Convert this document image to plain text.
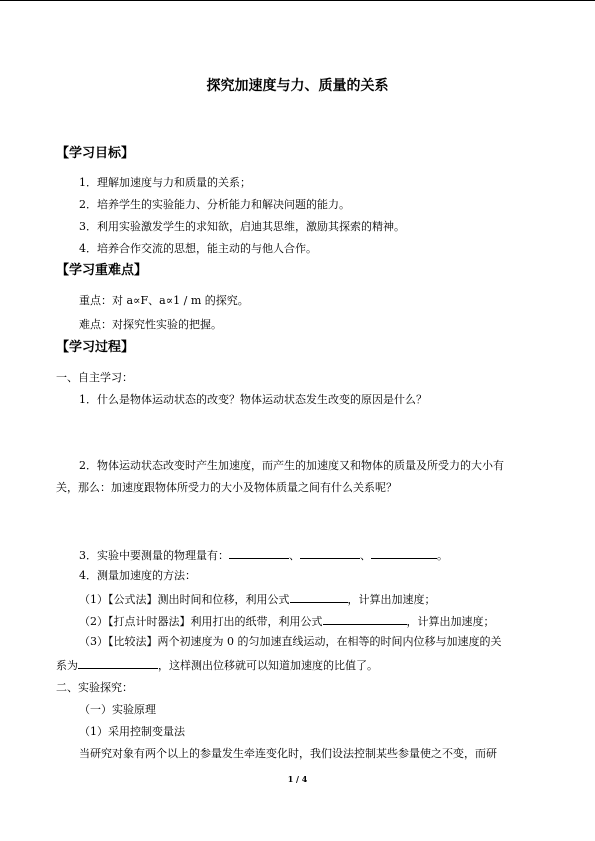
探究加速度与力、质量的关系
【学习目标】
1．理解加速度与力和质量的关系；
2．培养学生的实验能力、分析能力和解决问题的能力。
3．利用实验激发学生的求知欲，启迪其思维，激励其探索的精神。
4．培养合作交流的思想，能主动的与他人合作。
【学习重难点】
重点：对 a∝F、a∝1 / m 的探究。
难点：对探究性实验的把握。
【学习过程】
一、自主学习：
1．什么是物体运动状态的改变？物体运动状态发生改变的原因是什么？
2．物体运动状态改变时产生加速度，而产生的加速度又和物体的质量及所受力的大小有
关，那么：加速度跟物体所受力的大小及物体质量之间有什么关系呢？
3．实验中要测量的物理量有：	、	、	。
4．测量加速度的方法：
（1）【公式法】测出时间和位移，利用公式	，计算出加速度；
（2）【打点计时器法】利用打出的纸带，利用公式	，计算出加速度；
（3）【比较法】两个初速度为 0 的匀加速直线运动，在相等的时间内位移与加速度的关
系为	，这样测出位移就可以知道加速度的比值了。
二、实验探究：
（一）实验原理
（1）采用控制变量法
当研究对象有两个以上的参量发生牵连变化时，我们设法控制某些参量使之不变，而研
1 / 4
